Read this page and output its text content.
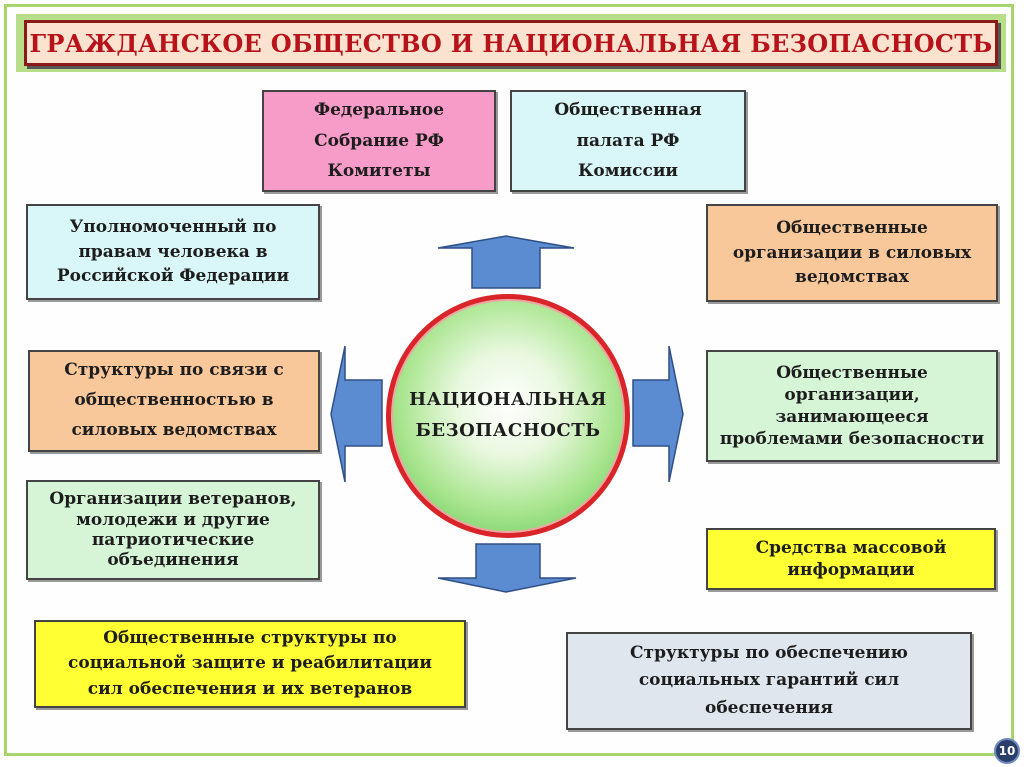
ГРАЖДАНСКОЕ ОБЩЕСТВО И НАЦИОНАЛЬНАЯ БЕЗОПАСНОСТЬ
НАЦИОНАЛЬНАЯ
БЕЗОПАСНОСТЬ
Федеральное
Собрание РФ
Комитеты
Общественная
палата РФ
Комиссии
Уполномоченный по
правам человека в
Российской Федерации
Общественные
организации в силовых
ведомствах
Структуры по связи с
общественностью в
силовых ведомствах
Общественные
организации,
занимающееся
проблемами безопасности
Организации ветеранов,
молодежи и другие
патриотические
объединения
Средства массовой
информации
Общественные структуры по
социальной защите и реабилитации
сил обеспечения и их ветеранов
Структуры по обеспечению
социальных гарантий сил
обеспечения
10
